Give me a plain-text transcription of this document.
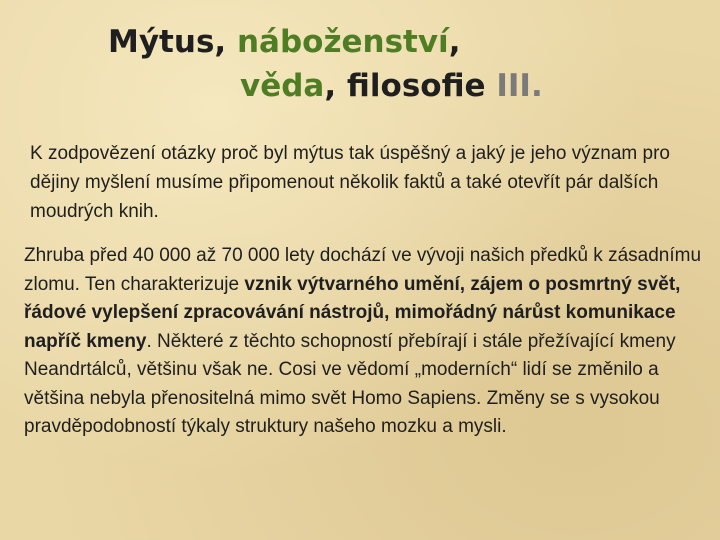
Mýtus, náboženství,
věda, filosofie III.

K zodpovězení otázky proč byl mýtus tak úspěšný a jaký je jeho význam pro dějiny myšlení musíme připomenout několik faktů a také otevřít pár dalších moudrých knih.

Zhruba před 40 000 až 70 000 lety dochází ve vývoji našich předků k zásadnímu zlomu. Ten charakterizuje vznik výtvarného umění, zájem o posmrtný svět, řádové vylepšení zpracovávání nástrojů, mimořádný nárůst komunikace napříč kmeny. Některé z těchto schopností přebírají i stále přežívající kmeny Neandrtálců, většinu však ne. Cosi ve vědomí „moderních“ lidí se změnilo a většina nebyla přenositelná mimo svět Homo Sapiens. Změny se s vysokou pravděpodobností týkaly struktury našeho mozku a mysli.
